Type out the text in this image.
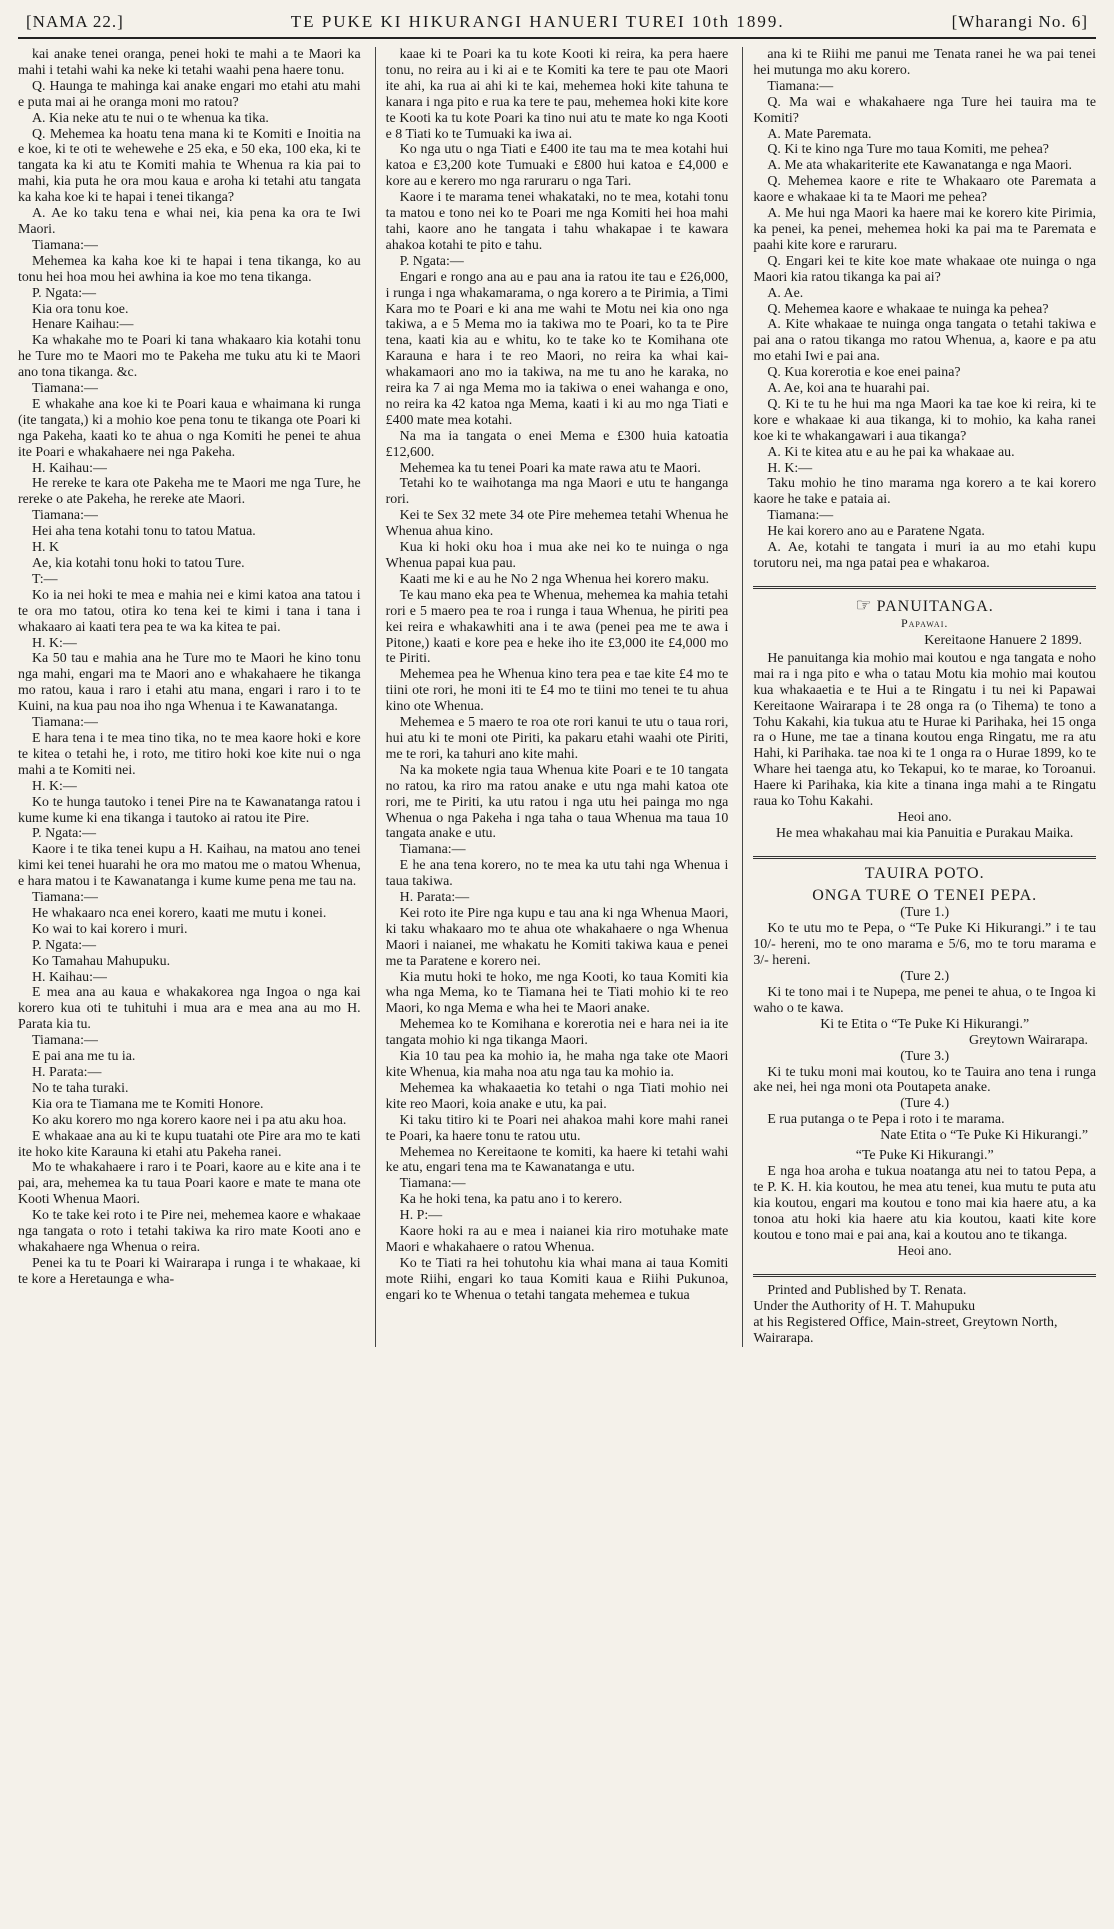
[NAMA 22.]	TE PUKE KI HIKURANGI HANUERI TUREI 10th 1899.	[Wharangi No. 6]

kai anake tenei oranga, penei hoki te mahi a te Maori ka mahi i tetahi wahi ka neke ki tetahi waahi pena haere tonu.

Q. Haunga te mahinga kai anake engari mo etahi atu mahi e puta mai ai he oranga moni mo ratou?

A. Kia neke atu te nui o te whenua ka tika.

Q. Mehemea ka hoatu tena mana ki te Komiti e Inoitia na e koe, ki te oti te wehewehe e 25 eka, e 50 eka, 100 eka, ki te tangata ka ki atu te Komiti mahia te Whenua ra kia pai to mahi, kia puta he ora mou kaua e aroha ki tetahi atu tangata ka kaha koe ki te hapai i tenei tikanga?

A. Ae ko taku tena e whai nei, kia pena ka ora te Iwi Maori.

Tiamana:—

Mehemea ka kaha koe ki te hapai i tena tikanga, ko au tonu hei hoa mou hei awhina ia koe mo tena tikanga.

P. Ngata:—

Kia ora tonu koe.

Henare Kaihau:—

Ka whakahe mo te Poari ki tana whakaaro kia kotahi tonu he Ture mo te Maori mo te Pakeha me tuku atu ki te Maori ano tona tikanga. &c.

Tiamana:—

E whakahe ana koe ki te Poari kaua e whaimana ki runga (ite tangata,) ki a mohio koe pena tonu te tikanga ote Poari ki nga Pakeha, kaati ko te ahua o nga Komiti he penei te ahua ite Poari e whakahaere nei nga Pakeha.

H. Kaihau:—

He rereke te kara ote Pakeha me te Maori me nga Ture, he rereke o ate Pakeha, he rereke ate Maori.

Tiamana:—

Hei aha tena kotahi tonu to tatou Matua.

H. K

Ae, kia kotahi tonu hoki to tatou Ture.

T:—

Ko ia nei hoki te mea e mahia nei e kimi katoa ana tatou i te ora mo tatou, otira ko tena kei te kimi i tana i tana i whakaaro ai kaati tera pea te wa ka kitea te pai.

H. K:—

Ka 50 tau e mahia ana he Ture mo te Maori he kino tonu nga mahi, engari ma te Maori ano e whakahaere he tikanga mo ratou, kaua i raro i etahi atu mana, engari i raro i to te Kuini, na kua pau noa iho nga Whenua i te Kawanatanga.

Tiamana:—

E hara tena i te mea tino tika, no te mea kaore hoki e kore te kitea o tetahi he, i roto, me titiro hoki koe kite nui o nga mahi a te Komiti nei.

H. K:—

Ko te hunga tautoko i tenei Pire na te Kawanatanga ratou i kume kume ki ena tikanga i tautoko ai ratou ite Pire.

P. Ngata:—

Kaore i te tika tenei kupu a H. Kaihau, na matou ano tenei kimi kei tenei huarahi he ora mo matou me o matou Whenua, e hara matou i te Kawanatanga i kume kume pena me tau na.

Tiamana:—

He whakaaro nca enei korero, kaati me mutu i konei.

Ko wai to kai korero i muri.

P. Ngata:—

Ko Tamahau Mahupuku.

H. Kaihau:—

E mea ana au kaua e whakakorea nga Ingoa o nga kai korero kua oti te tuhituhi i mua ara e mea ana au mo H. Parata kia tu.

Tiamana:—

E pai ana me tu ia.

H. Parata:—

No te taha turaki.

Kia ora te Tiamana me te Komiti Honore.

Ko aku korero mo nga korero kaore nei i pa atu aku hoa.

E whakaae ana au ki te kupu tuatahi ote Pire ara mo te kati ite hoko kite Karauna ki etahi atu Pakeha ranei.

Mo te whakahaere i raro i te Poari, kaore au e kite ana i te pai, ara, mehemea ka tu taua Poari kaore e mate te mana ote Kooti Whenua Maori.

Ko te take kei roto i te Pire nei, mehemea kaore e whakaae nga tangata o roto i tetahi takiwa ka riro mate Kooti ano e whakahaere nga Whenua o reira.

Penei ka tu te Poari ki Wairarapa i runga i te whakaae, ki te kore a Heretaunga e wha-

kaae ki te Poari ka tu kote Kooti ki reira, ka pera haere tonu, no reira au i ki ai e te Komiti ka tere te pau ote Maori ite ahi, ka rua ai ahi ki te kai, mehemea hoki kite tahuna te kanara i nga pito e rua ka tere te pau, mehemea hoki kite kore te Kooti ka tu kote Poari ka tino nui atu te mate ko nga Kooti e 8 Tiati ko te Tumuaki ka iwa ai.

Ko nga utu o nga Tiati e £400 ite tau ma te mea kotahi hui katoa e £3,200 kote Tumuaki e £800 hui katoa e £4,000 e kore au e kerero mo nga raruraru o nga Tari.

Kaore i te marama tenei whakataki, no te mea, kotahi tonu ta matou e tono nei ko te Poari me nga Komiti hei hoa mahi tahi, kaore ano he tangata i tahu whakapae i te kawara ahakoa kotahi te pito e tahu.

P. Ngata:—

Engari e rongo ana au e pau ana ia ratou ite tau e £26,000, i runga i nga whakamarama, o nga korero a te Pirimia, a Timi Kara mo te Poari e ki ana me wahi te Motu nei kia ono nga takiwa, a e 5 Mema mo ia takiwa mo te Poari, ko ta te Pire tena, kaati kia au e whitu, ko te take ko te Komihana ote Karauna e hara i te reo Maori, no reira ka whai kai-whakamaori ano mo ia takiwa, na me tu ano he karaka, no reira ka 7 ai nga Mema mo ia takiwa o enei wahanga e ono, no reira ka 42 katoa nga Mema, kaati i ki au mo nga Tiati e £400 mate mea kotahi.

Na ma ia tangata o enei Mema e £300 huia katoatia £12,600.

Mehemea ka tu tenei Poari ka mate rawa atu te Maori.

Tetahi ko te waihotanga ma nga Maori e utu te hanganga rori.

Kei te Sex 32 mete 34 ote Pire mehemea tetahi Whenua he Whenua ahua kino.

Kua ki hoki oku hoa i mua ake nei ko te nuinga o nga Whenua papai kua pau.

Kaati me ki e au he No 2 nga Whenua hei korero maku.

Te kau mano eka pea te Whenua, mehemea ka mahia tetahi rori e 5 maero pea te roa i runga i taua Whenua, he piriti pea kei reira e whakawhiti ana i te awa (penei pea me te awa i Pitone,) kaati e kore pea e heke iho ite £3,000 ite £4,000 mo te Piriti.

Mehemea pea he Whenua kino tera pea e tae kite £4 mo te tiini ote rori, he moni iti te £4 mo te tiini mo tenei te tu ahua kino ote Whenua.

Mehemea e 5 maero te roa ote rori kanui te utu o taua rori, hui atu ki te moni ote Piriti, ka pakaru etahi waahi ote Piriti, me te rori, ka tahuri ano kite mahi.

Na ka mokete ngia taua Whenua kite Poari e te 10 tangata no ratou, ka riro ma ratou anake e utu nga mahi katoa ote rori, me te Piriti, ka utu ratou i nga utu hei painga mo nga Whenua o nga Pakeha i nga taha o taua Whenua ma taua 10 tangata anake e utu.

Tiamana:—

E he ana tena korero, no te mea ka utu tahi nga Whenua i taua takiwa.

H. Parata:—

Kei roto ite Pire nga kupu e tau ana ki nga Whenua Maori, ki taku whakaaro mo te ahua ote whakahaere o nga Whenua Maori i naianei, me whakatu he Komiti takiwa kaua e penei me ta Paratene e korero nei.

Kia mutu hoki te hoko, me nga Kooti, ko taua Komiti kia wha nga Mema, ko te Tiamana hei te Tiati mohio ki te reo Maori, ko nga Mema e wha hei te Maori anake.

Mehemea ko te Komihana e korerotia nei e hara nei ia ite tangata mohio ki nga tikanga Maori.

Kia 10 tau pea ka mohio ia, he maha nga take ote Maori kite Whenua, kia maha noa atu nga tau ka mohio ia.

Mehemea ka whakaaetia ko tetahi o nga Tiati mohio nei kite reo Maori, koia anake e utu, ka pai.

Ki taku titiro ki te Poari nei ahakoa mahi kore mahi ranei te Poari, ka haere tonu te ratou utu.

Mehemea no Kereitaone te komiti, ka haere ki tetahi wahi ke atu, engari tena ma te Kawanatanga e utu.

Tiamana:—

Ka he hoki tena, ka patu ano i to kerero.

H. P:—

Kaore hoki ra au e mea i naianei kia riro motuhake mate Maori e whakahaere o ratou Whenua.

Ko te Tiati ra hei tohutohu kia whai mana ai taua Komiti mote Riihi, engari ko taua Komiti kaua e Riihi Pukunoa, engari ko te Whenua o tetahi tangata mehemea e tukua

ana ki te Riihi me panui me Tenata ranei he wa pai tenei hei mutunga mo aku korero.

Tiamana:—

Q. Ma wai e whakahaere nga Ture hei tauira ma te Komiti?

A. Mate Paremata.

Q. Ki te kino nga Ture mo taua Komiti, me pehea?

A. Me ata whakariterite ete Kawanatanga e nga Maori.

Q. Mehemea kaore e rite te Whakaaro ote Paremata a kaore e whakaae ki ta te Maori me pehea?

A. Me hui nga Maori ka haere mai ke korero kite Pirimia, ka penei, ka penei, mehemea hoki ka pai ma te Paremata e paahi kite kore e raruraru.

Q. Engari kei te kite koe mate whakaae ote nuinga o nga Maori kia ratou tikanga ka pai ai?

A. Ae.

Q. Mehemea kaore e whakaae te nuinga ka pehea?

A. Kite whakaae te nuinga onga tangata o tetahi takiwa e pai ana o ratou tikanga mo ratou Whenua, a, kaore e pa atu mo etahi Iwi e pai ana.

Q. Kua korerotia e koe enei paina?

A. Ae, koi ana te huarahi pai.

Q. Ki te tu he hui ma nga Maori ka tae koe ki reira, ki te kore e whakaae ki aua tikanga, ki to mohio, ka kaha ranei koe ki te whakangawari i aua tikanga?

A. Ki te kitea atu e au he pai ka whakaae au.

H. K:—

Taku mohio he tino marama nga korero a te kai korero kaore he take e pataia ai.

Tiamana:—

He kai korero ano au e Paratene Ngata.

A. Ae, kotahi te tangata i muri ia au mo etahi kupu torutoru nei, ma nga patai pea e whakaroa.

☞ PANUITANGA.

Papawai.

Kereitaone Hanuere 2 1899.

He panuitanga kia mohio mai koutou e nga tangata e noho mai ra i nga pito e wha o tatau Motu kia mohio mai koutou kua whakaaetia e te Hui a te Ringatu i tu nei ki Papawai Kereitaone Wairarapa i te 28 onga ra (o Tihema) te tono a Tohu Kakahi, kia tukua atu te Hurae ki Parihaka, hei 15 onga ra o Hune, me tae a tinana koutou enga Ringatu, me ra atu Hahi, ki Parihaka. tae noa ki te 1 onga ra o Hurae 1899, ko te Whare hei taenga atu, ko Tekapui, ko te marae, ko Toroanui. Haere ki Parihaka, kia kite a tinana inga mahi a te Ringatu raua ko Tohu Kakahi.

Heoi ano.

He mea whakahau mai kia Panuitia e Purakau Maika.

TAUIRA POTO.

ONGA TURE O TENEI PEPA.

(Ture 1.)

Ko te utu mo te Pepa, o “Te Puke Ki Hikurangi.” i te tau 10/- hereni, mo te ono marama e 5/6, mo te toru marama e 3/- hereni.

(Ture 2.)

Ki te tono mai i te Nupepa, me penei te ahua, o te Ingoa ki waho o te kawa.

Ki te Etita o “Te Puke Ki Hikurangi.”

Greytown Wairarapa.

(Ture 3.)

Ki te tuku moni mai koutou, ko te Tauira ano tena i runga ake nei, hei nga moni ota Poutapeta anake.

(Ture 4.)

E rua putanga o te Pepa i roto i te marama.

Nate Etita o “Te Puke Ki Hikurangi.”

“Te Puke Ki Hikurangi.”

E nga hoa aroha e tukua noatanga atu nei to tatou Pepa, a te P. K. H. kia koutou, he mea atu tenei, kua mutu te puta atu kia koutou, engari ma koutou e tono mai kia haere atu, a ka tonoa atu hoki kia haere atu kia koutou, kaati kite kore koutou e tono mai e pai ana, kai a koutou ano te tikanga.

Heoi ano.

Printed and Published by T. Renata.

Under the Authority of H. T. Mahupuku

at his Registered Office, Main-street, Greytown North, Wairarapa.
